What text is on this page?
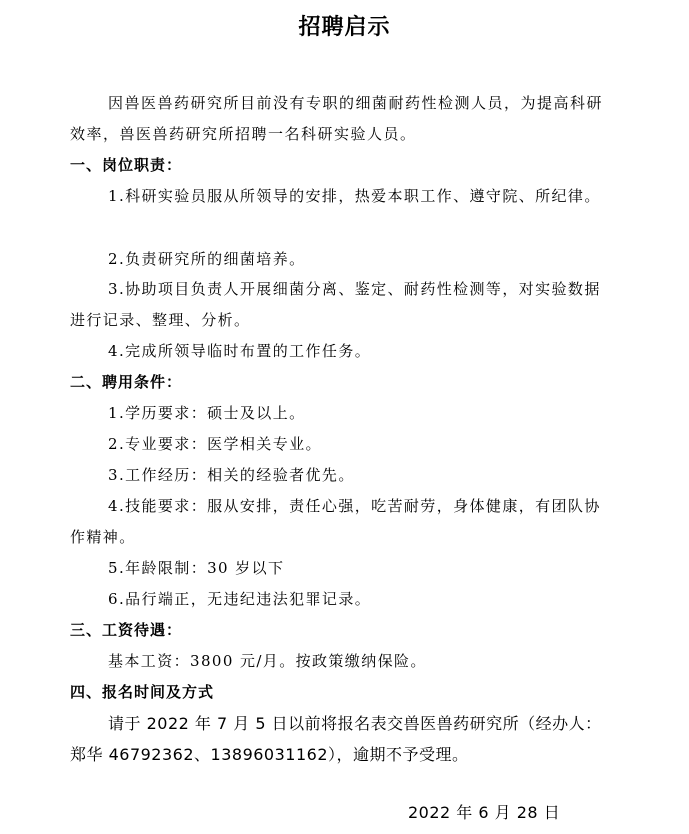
招聘启示

因兽医兽药研究所目前没有专职的细菌耐药性检测人员，为提高科研效率，兽医兽药研究所招聘一名科研实验人员。

一、岗位职责：

1.科研实验员服从所领导的安排，热爱本职工作、遵守院、所纪律。

2.负责研究所的细菌培养。

3.协助项目负责人开展细菌分离、鉴定、耐药性检测等，对实验数据进行记录、整理、分析。

4.完成所领导临时布置的工作任务。

二、聘用条件：

1.学历要求：硕士及以上。

2.专业要求：医学相关专业。

3.工作经历：相关的经验者优先。

4.技能要求：服从安排，责任心强，吃苦耐劳，身体健康，有团队协作精神。

5.年龄限制：30 岁以下

6.品行端正，无违纪违法犯罪记录。

三、工资待遇：

基本工资：3800 元/月。按政策缴纳保险。

四、报名时间及方式

请于 2022 年 7 月 5 日以前将报名表交兽医兽药研究所（经办人：郑华 46792362、13896031162），逾期不予受理。

2022 年 6 月 28 日
